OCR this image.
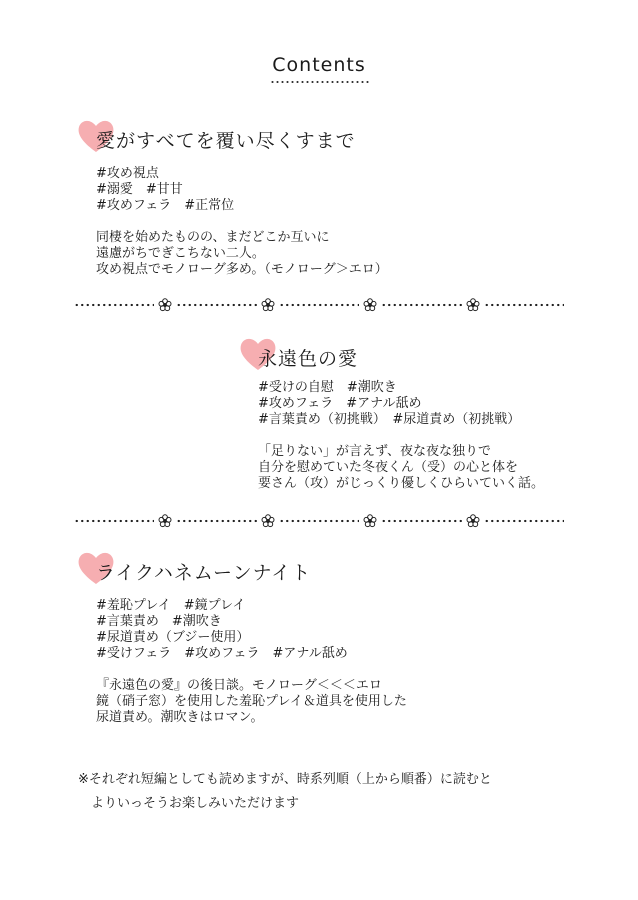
Contents
愛がすべてを覆い尽くすまで
#攻め視点
#溺愛　#甘甘
#攻めフェラ　#正常位
同棲を始めたものの、まだどこか互いに
遠慮がちでぎこちない二人。
攻め視点でモノローグ多め。（モノローグ＞エロ）
永遠色の愛
#受けの自慰　#潮吹き
#攻めフェラ　#アナル舐め
#言葉責め（初挑戦）　#尿道責め（初挑戦）
「足りない」が言えず、夜な夜な独りで
自分を慰めていた冬夜くん（受）の心と体を
要さん（攻）がじっくり優しくひらいていく話。
ライクハネムーンナイト
#羞恥プレイ　#鏡プレイ
#言葉責め　#潮吹き
#尿道責め（ブジー使用）
#受けフェラ　#攻めフェラ　#アナル舐め
『永遠色の愛』の後日談。モノローグ＜＜＜エロ
鏡（硝子窓）を使用した羞恥プレイ＆道具を使用した
尿道責め。潮吹きはロマン。
※それぞれ短編としても読めますが、時系列順（上から順番）に読むと
　よりいっそうお楽しみいただけます
